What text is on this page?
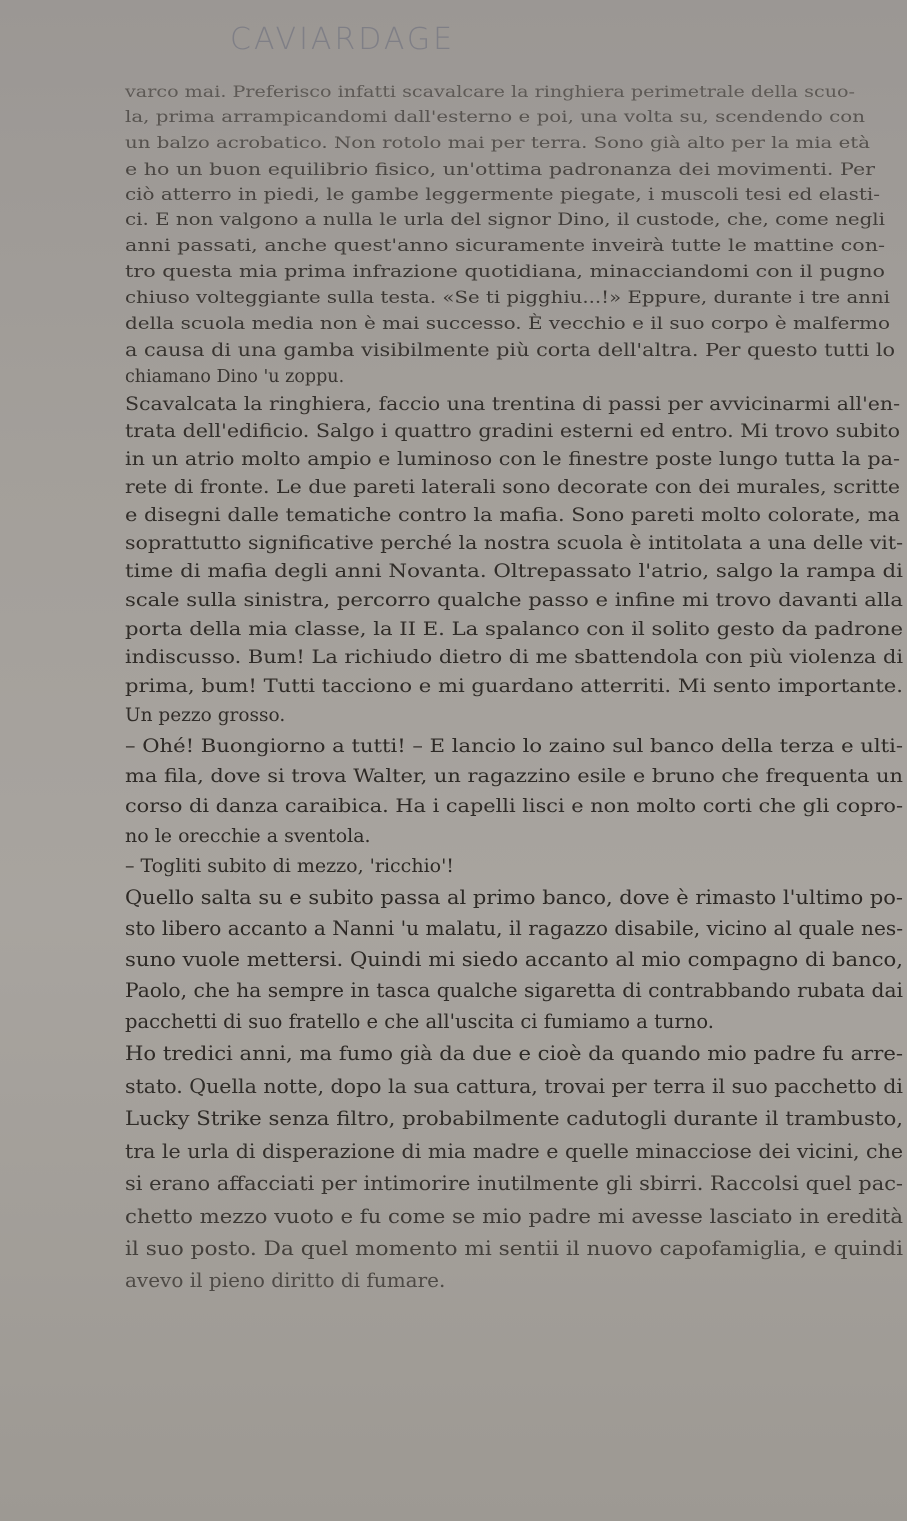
CAVIARDAGE
varco mai. Preferisco infatti scavalcare la ringhiera perimetrale della scuo-
la, prima arrampicandomi dall'esterno e poi, una volta su, scendendo con
un balzo acrobatico. Non rotolo mai per terra. Sono già alto per la mia età
e ho un buon equilibrio fisico, un'ottima padronanza dei movimenti. Per
ciò atterro in piedi, le gambe leggermente piegate, i muscoli tesi ed elasti-
ci. E non valgono a nulla le urla del signor Dino, il custode, che, come negli
anni passati, anche quest'anno sicuramente inveirà tutte le mattine con-
tro questa mia prima infrazione quotidiana, minacciandomi con il pugno
chiuso volteggiante sulla testa. «Se ti pigghiu...!» Eppure, durante i tre anni
della scuola media non è mai successo. È vecchio e il suo corpo è malfermo
a causa di una gamba visibilmente più corta dell'altra. Per questo tutti lo
chiamano Dino 'u zoppu.
Scavalcata la ringhiera, faccio una trentina di passi per avvicinarmi all'en-
trata dell'edificio. Salgo i quattro gradini esterni ed entro. Mi trovo subito
in un atrio molto ampio e luminoso con le finestre poste lungo tutta la pa-
rete di fronte. Le due pareti laterali sono decorate con dei murales, scritte
e disegni dalle tematiche contro la mafia. Sono pareti molto colorate, ma
soprattutto significative perché la nostra scuola è intitolata a una delle vit-
time di mafia degli anni Novanta. Oltrepassato l'atrio, salgo la rampa di
scale sulla sinistra, percorro qualche passo e infine mi trovo davanti alla
porta della mia classe, la II E. La spalanco con il solito gesto da padrone
indiscusso. Bum! La richiudo dietro di me sbattendola con più violenza di
prima, bum! Tutti tacciono e mi guardano atterriti. Mi sento importante.
Un pezzo grosso.
– Ohé! Buongiorno a tutti! – E lancio lo zaino sul banco della terza e ulti-
ma fila, dove si trova Walter, un ragazzino esile e bruno che frequenta un
corso di danza caraibica. Ha i capelli lisci e non molto corti che gli copro-
no le orecchie a sventola.
– Togliti subito di mezzo, 'ricchio'!
Quello salta su e subito passa al primo banco, dove è rimasto l'ultimo po-
sto libero accanto a Nanni 'u malatu, il ragazzo disabile, vicino al quale nes-
suno vuole mettersi. Quindi mi siedo accanto al mio compagno di banco,
Paolo, che ha sempre in tasca qualche sigaretta di contrabbando rubata dai
pacchetti di suo fratello e che all'uscita ci fumiamo a turno.
Ho tredici anni, ma fumo già da due e cioè da quando mio padre fu arre-
stato. Quella notte, dopo la sua cattura, trovai per terra il suo pacchetto di
Lucky Strike senza filtro, probabilmente cadutogli durante il trambusto,
tra le urla di disperazione di mia madre e quelle minacciose dei vicini, che
si erano affacciati per intimorire inutilmente gli sbirri. Raccolsi quel pac-
chetto mezzo vuoto e fu come se mio padre mi avesse lasciato in eredità
il suo posto. Da quel momento mi sentii il nuovo capofamiglia, e quindi
avevo il pieno diritto di fumare.
